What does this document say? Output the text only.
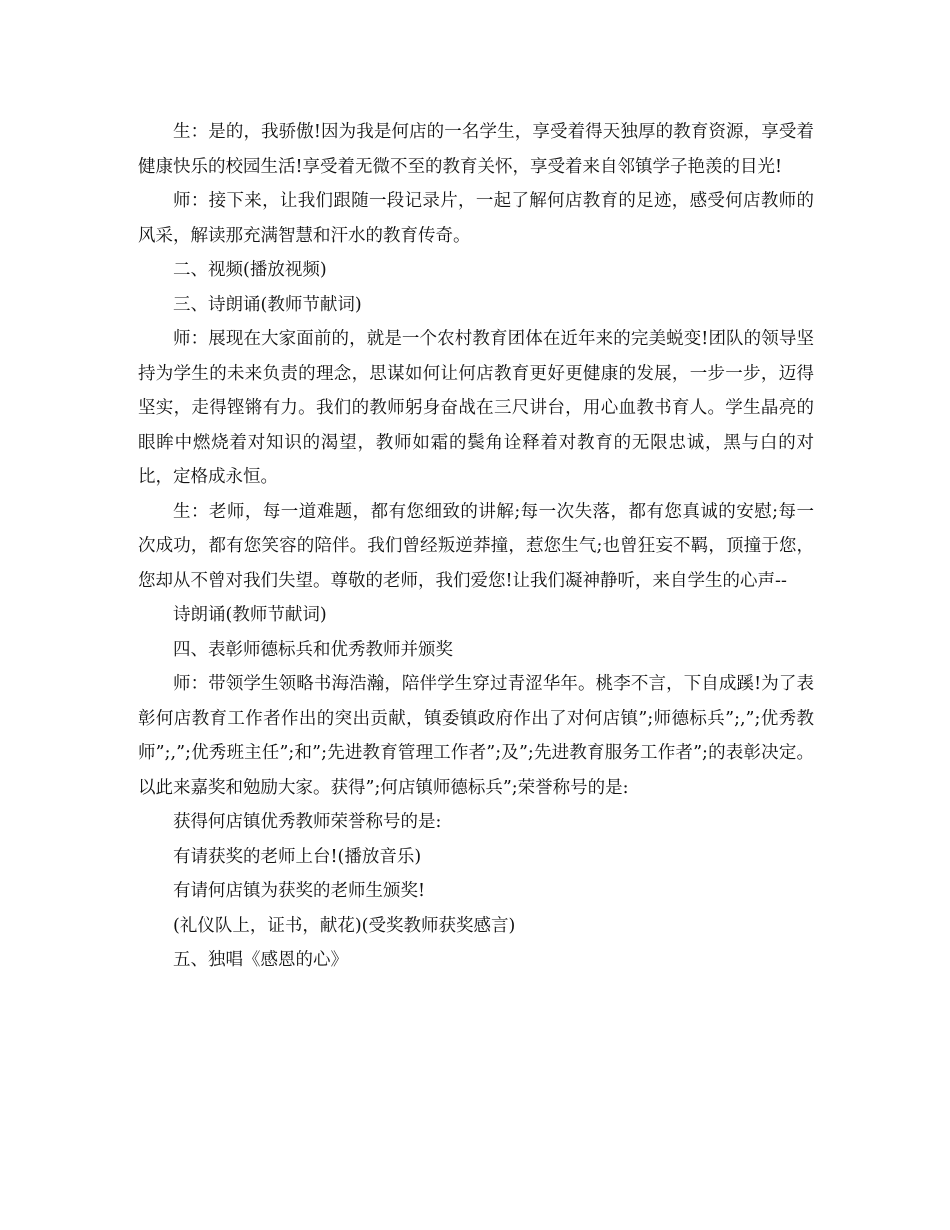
生：是的，我骄傲!因为我是何店的一名学生，享受着得天独厚的教育资源，享受着健康快乐的校园生活!享受着无微不至的教育关怀，享受着来自邻镇学子艳羡的目光!

师：接下来，让我们跟随一段记录片，一起了解何店教育的足迹，感受何店教师的风采，解读那充满智慧和汗水的教育传奇。

二、视频(播放视频)

三、诗朗诵(教师节献词)

师：展现在大家面前的，就是一个农村教育团体在近年来的完美蜕变!团队的领导坚持为学生的未来负责的理念，思谋如何让何店教育更好更健康的发展，一步一步，迈得坚实，走得铿锵有力。我们的教师躬身奋战在三尺讲台，用心血教书育人。学生晶亮的眼眸中燃烧着对知识的渴望，教师如霜的鬓角诠释着对教育的无限忠诚，黑与白的对比，定格成永恒。

生：老师，每一道难题，都有您细致的讲解;每一次失落，都有您真诚的安慰;每一次成功，都有您笑容的陪伴。我们曾经叛逆莽撞，惹您生气;也曾狂妄不羁，顶撞于您，您却从不曾对我们失望。尊敬的老师，我们爱您!让我们凝神静听，来自学生的心声--

诗朗诵(教师节献词)

四、表彰师德标兵和优秀教师并颁奖

师：带领学生领略书海浩瀚，陪伴学生穿过青涩华年。桃李不言，下自成蹊!为了表彰何店教育工作者作出的突出贡献，镇委镇政府作出了对何店镇”;师德标兵”;,”;优秀教师”;,”;优秀班主任”;和”;先进教育管理工作者”;及”;先进教育服务工作者”;的表彰决定。以此来嘉奖和勉励大家。获得”;何店镇师德标兵”;荣誉称号的是:

获得何店镇优秀教师荣誉称号的是:

有请获奖的老师上台!(播放音乐)

有请何店镇为获奖的老师生颁奖!

(礼仪队上，证书，献花)(受奖教师获奖感言)

五、独唱《感恩的心》
